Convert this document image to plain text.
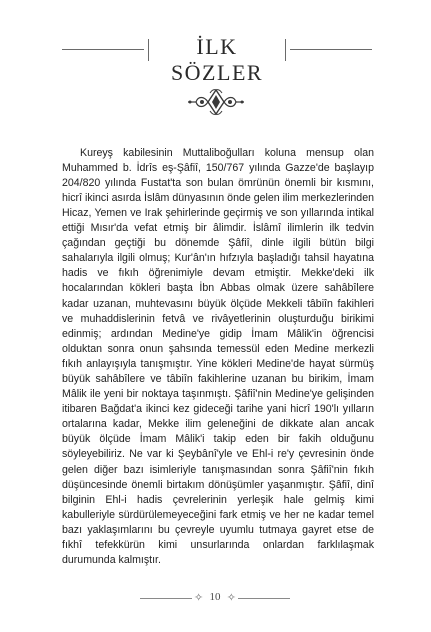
İLK SÖZLER

Kureyş kabilesinin Muttaliboğulları koluna mensup olan Muhammed b. İdrîs eş-Şâfiî, 150/767 yılında Gazze'de başlayıp 204/820 yılında Fustat'ta son bulan ömrünün önemli bir kısmını, hicrî ikinci asırda İslâm dünyasının önde gelen ilim merkezlerinden Hicaz, Yemen ve Irak şehirlerinde geçirmiş ve son yıllarında intikal ettiği Mısır'da vefat etmiş bir âlimdir. İslâmî ilimlerin ilk tedvin çağından geçtiği bu dönemde Şâfiî, dinle ilgili bütün bilgi sahalarıyla ilgili olmuş; Kur'ân'ın hıfzıyla başladığı tahsil hayatına hadis ve fıkıh öğrenimiyle devam etmiştir. Mekke'deki ilk hocalarından kökleri başta İbn Abbas olmak üzere sahâbîlere kadar uzanan, muhtevasını büyük ölçüde Mekkeli tâbiîn fakihleri ve muhaddislerinin fetvâ ve rivâyetlerinin oluşturduğu birikimi edinmiş; ardından Medine'ye gidip İmam Mâlik'in öğrencisi olduktan sonra onun şahsında temessül eden Medine merkezli fıkıh anlayışıyla tanışmıştır. Yine kökleri Medine'de hayat sürmüş büyük sahâbîlere ve tâbiîn fakihlerine uzanan bu birikim, İmam Mâlik ile yeni bir noktaya taşınmıştı. Şâfiî'nin Medine'ye gelişinden itibaren Bağdat'a ikinci kez gideceği tarihe yani hicrî 190'lı yılların ortalarına kadar, Mekke ilim geleneğini de dikkate alan ancak büyük ölçüde İmam Mâlik'i takip eden bir fakih olduğunu söyleyebiliriz. Ne var ki Şeybânî'yle ve Ehl-i re'y çevresinin önde gelen diğer bazı isimleriyle tanışmasından sonra Şâfiî'nin fıkıh düşüncesinde önemli birtakım dönüşümler yaşanmıştır. Şâfiî, dinî bilginin Ehl-i hadis çevrelerinin yerleşik hale gelmiş kimi kabulleriyle sürdürülemeyeceğini fark etmiş ve her ne kadar temel bazı yaklaşımlarını bu çevreyle uyumlu tutmaya gayret etse de fıkhî tefekkürün kimi unsurlarında onlardan farklılaşmak durumunda kalmıştır.

✧ 10 ✧
